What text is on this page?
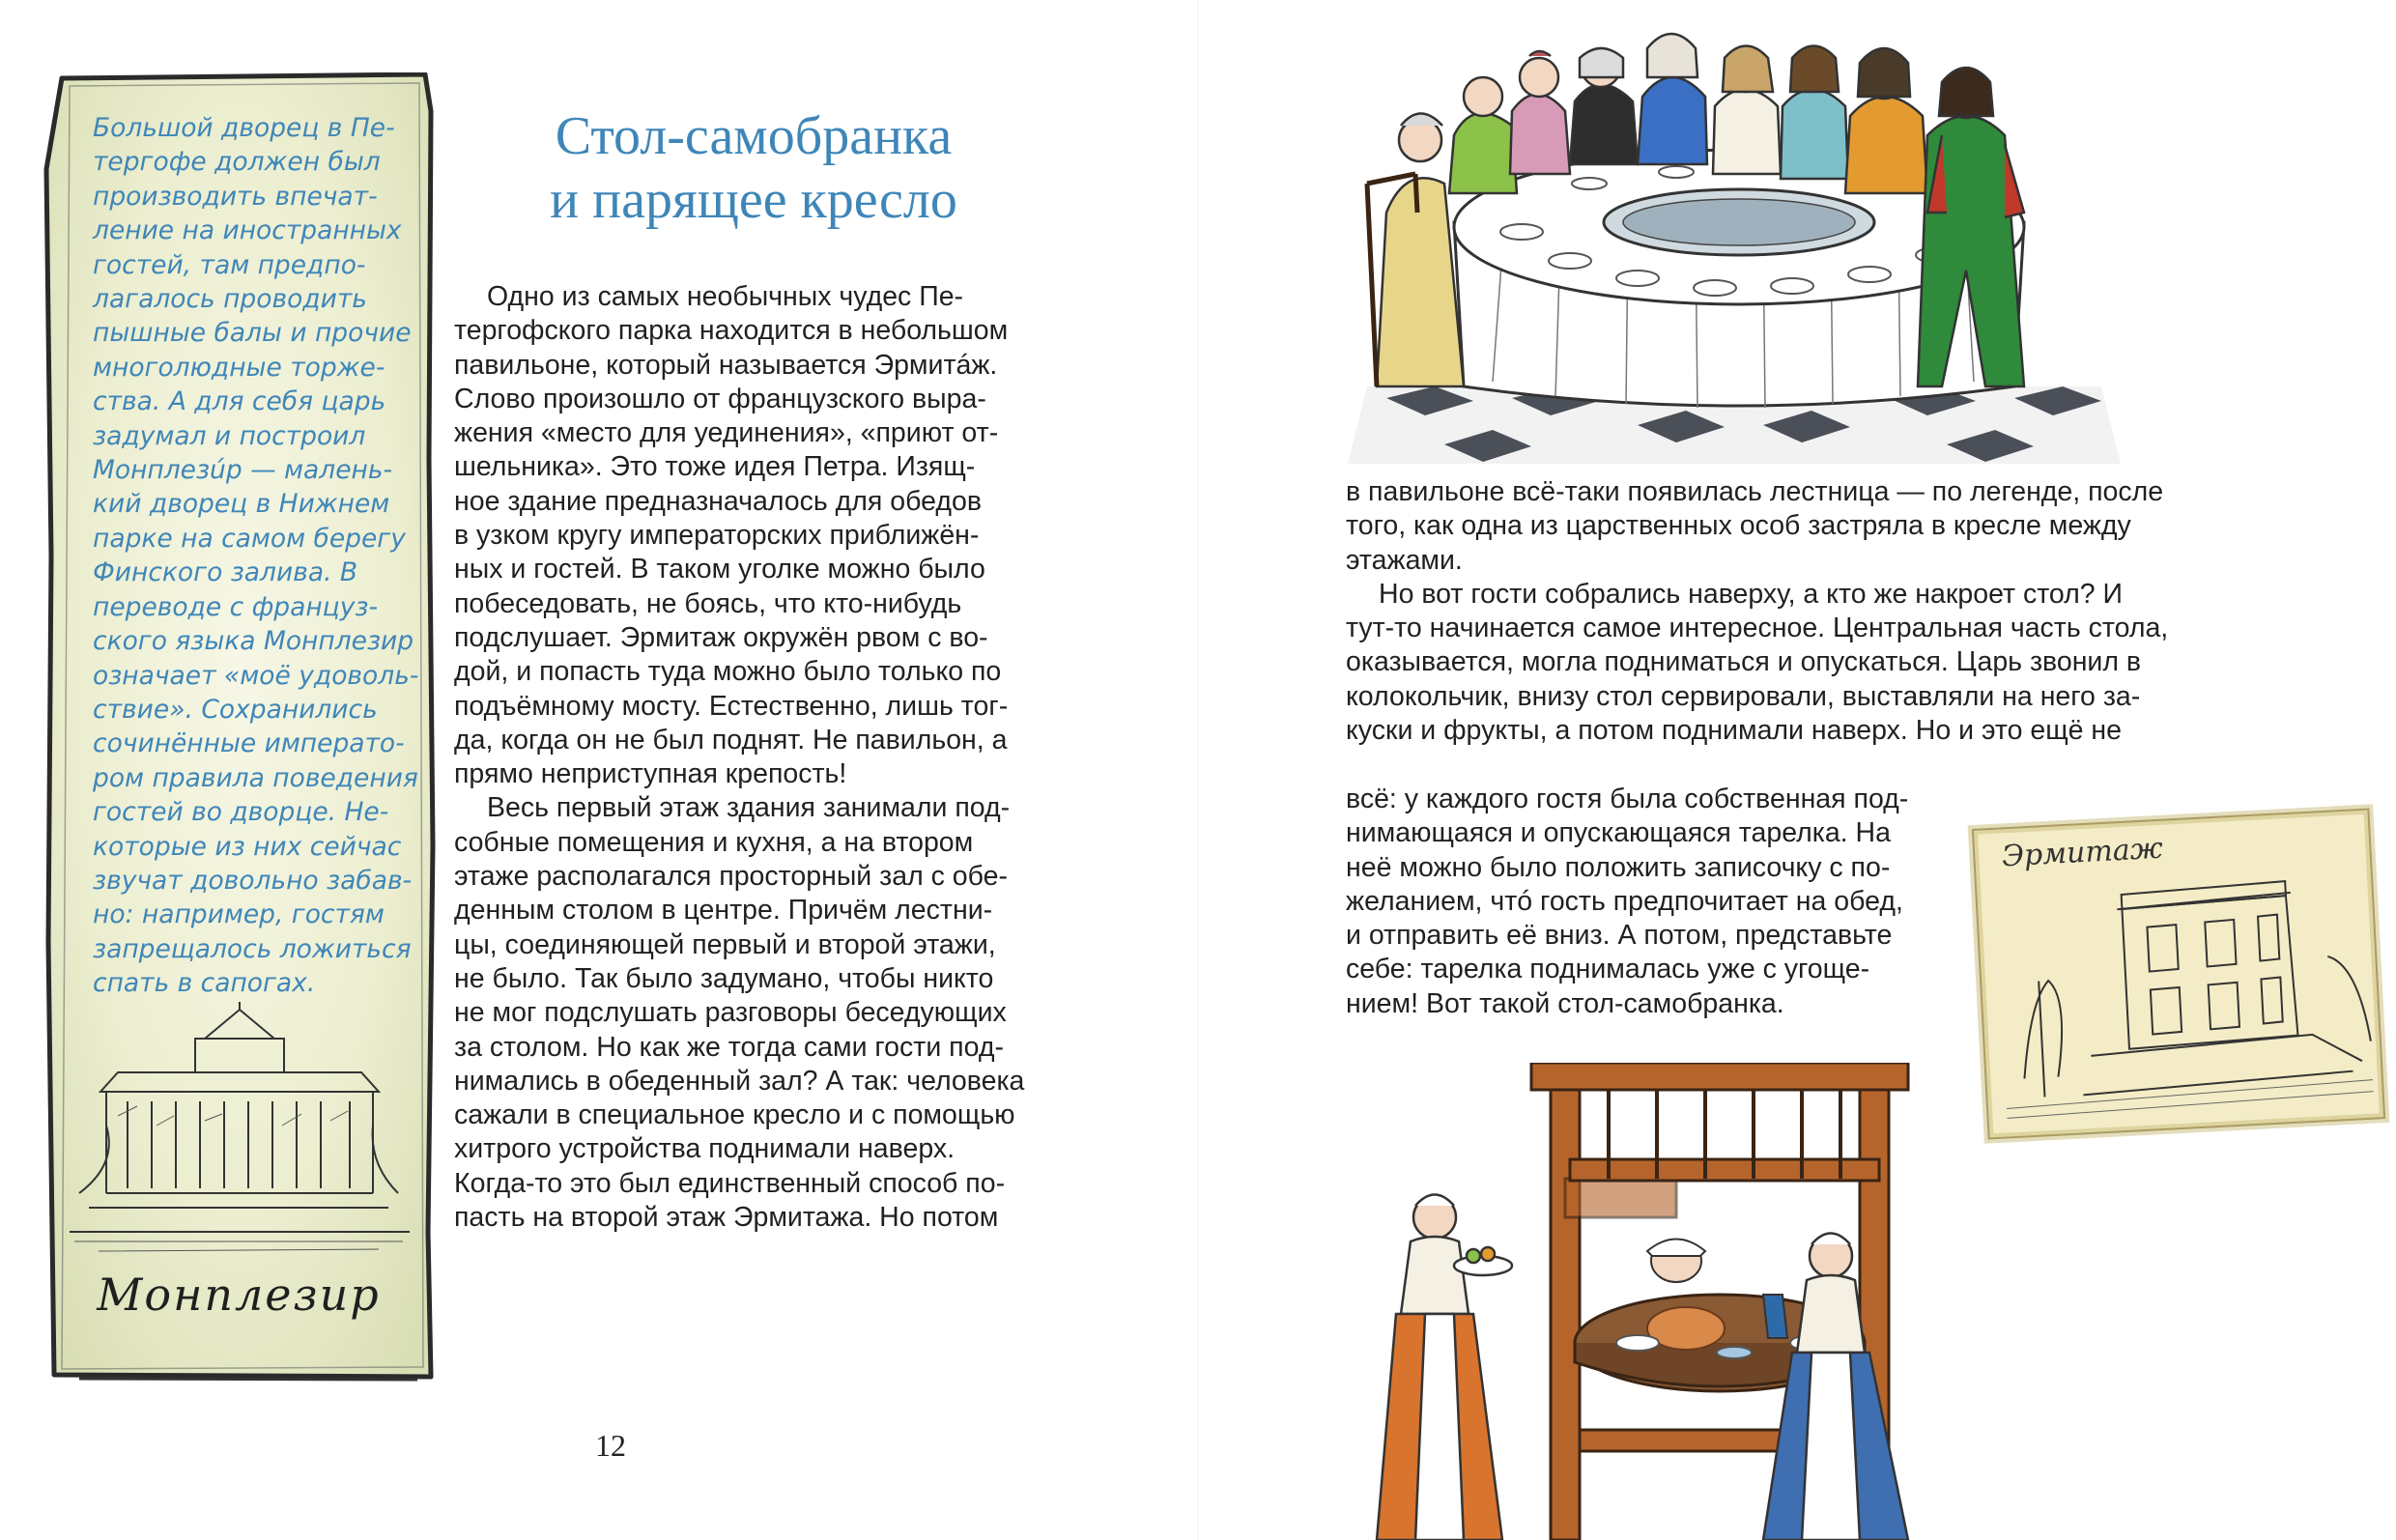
Большой дворец в Пе-
тергофе должен был
производить впечат-
ление на иностранных
гостей, там предпо-
лагалось проводить
пышные балы и прочие
многолюдные торже-
ства. А для себя царь
задумал и построил
Монплезúр — малень-
кий дворец в Нижнем
парке на самом берегу
Финского залива. В
переводе с француз-
ского языка Монплезир
означает «моё удоволь-
ствие». Сохранились
сочинённые императо-
ром правила поведения
гостей во дворце. Не-
которые из них сейчас
звучат довольно забав-
но: например, гостям
запрещалось ложиться
спать в сапогах.

Монплезир
Стол-самобранка
и парящее кресло

Одно из самых необычных чудес Пе-
тергофского парка находится в небольшом
павильоне, который называется Эрмитáж.
Слово произошло от французского выра-
жения «место для уединения», «приют от-
шельника». Это тоже идея Петра. Изящ-
ное здание предназначалось для обедов
в узком кругу императорских приближён-
ных и гостей. В таком уголке можно было
побеседовать, не боясь, что кто-нибудь
подслушает. Эрмитаж окружён рвом с во-
дой, и попасть туда можно было только по
подъёмному мосту. Естественно, лишь тог-
да, когда он не был поднят. Не павильон, а
прямо неприступная крепость!

Весь первый этаж здания занимали под-
собные помещения и кухня, а на втором
этаже располагался просторный зал с обе-
денным столом в центре. Причём лестни-
цы, соединяющей первый и второй этажи,
не было. Так было задумано, чтобы никто
не мог подслушать разговоры беседующих
за столом. Но как же тогда сами гости под-
нимались в обеденный зал? А так: человека
сажали в специальное кресло и с помощью
хитрого устройства поднимали наверх.
Когда-то это был единственный способ по-
пасть на второй этаж Эрмитажа. Но потом

12

в павильоне всё-таки появилась лестница — по легенде, после
того, как одна из царственных особ застряла в кресле между
этажами.

Но вот гости собрались наверху, а кто же накроет стол? И
тут-то начинается самое интересное. Центральная часть стола,
оказывается, могла подниматься и опускаться. Царь звонил в
колокольчик, внизу стол сервировали, выставляли на него за-
куски и фрукты, а потом поднимали наверх. Но и это ещё не

всё: у каждого гостя была собственная под-
нимающаяся и опускающаяся тарелка. На
неё можно было положить записочку с по-
желанием, чтó гость предпочитает на обед,
и отправить её вниз. А потом, представьте
себе: тарелка поднималась уже с угоще-
нием! Вот такой стол-самобранка.

Эрмитаж
